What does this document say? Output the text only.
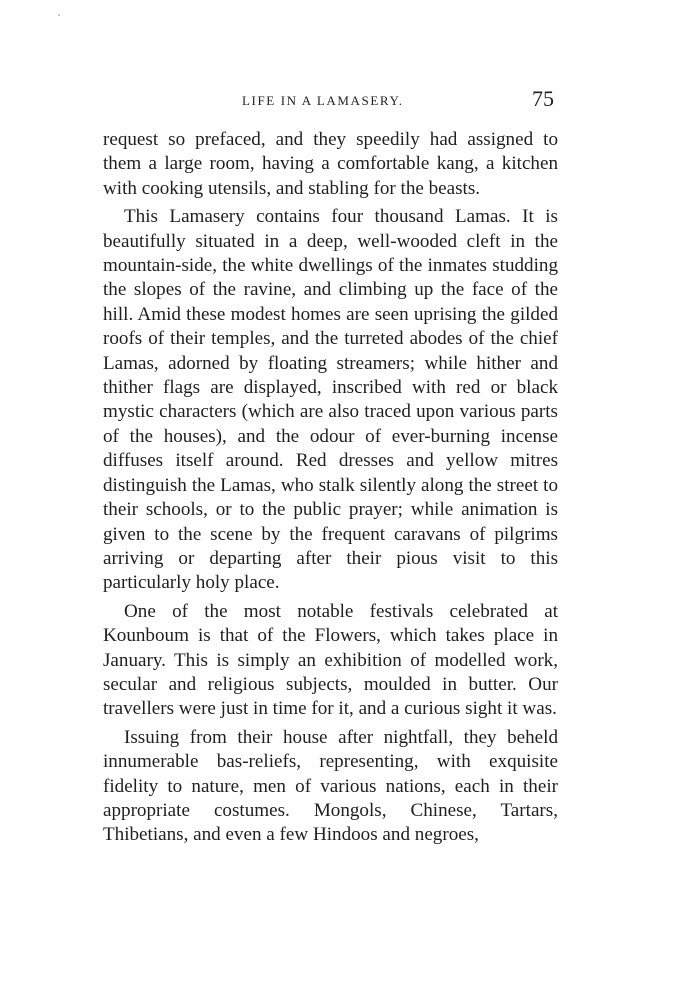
LIFE IN A LAMASERY.	75

request so prefaced, and they speedily had assigned to them a large room, having a comfortable kang, a kitchen with cooking utensils, and stabling for the beasts.

This Lamasery contains four thousand Lamas. It is beautifully situated in a deep, well-wooded cleft in the mountain-side, the white dwellings of the inmates studding the slopes of the ravine, and climbing up the face of the hill. Amid these modest homes are seen uprising the gilded roofs of their temples, and the turreted abodes of the chief Lamas, adorned by floating streamers; while hither and thither flags are displayed, inscribed with red or black mystic characters (which are also traced upon various parts of the houses), and the odour of ever-burning incense diffuses itself around. Red dresses and yellow mitres distinguish the Lamas, who stalk silently along the street to their schools, or to the public prayer; while animation is given to the scene by the frequent caravans of pilgrims arriving or departing after their pious visit to this particularly holy place.

One of the most notable festivals celebrated at Kounboum is that of the Flowers, which takes place in January. This is simply an exhibition of modelled work, secular and religious subjects, moulded in butter. Our travellers were just in time for it, and a curious sight it was.

Issuing from their house after nightfall, they beheld innumerable bas-reliefs, representing, with exquisite fidelity to nature, men of various nations, each in their appropriate costumes. Mongols, Chinese, Tartars, Thibetians, and even a few Hindoos and negroes,
